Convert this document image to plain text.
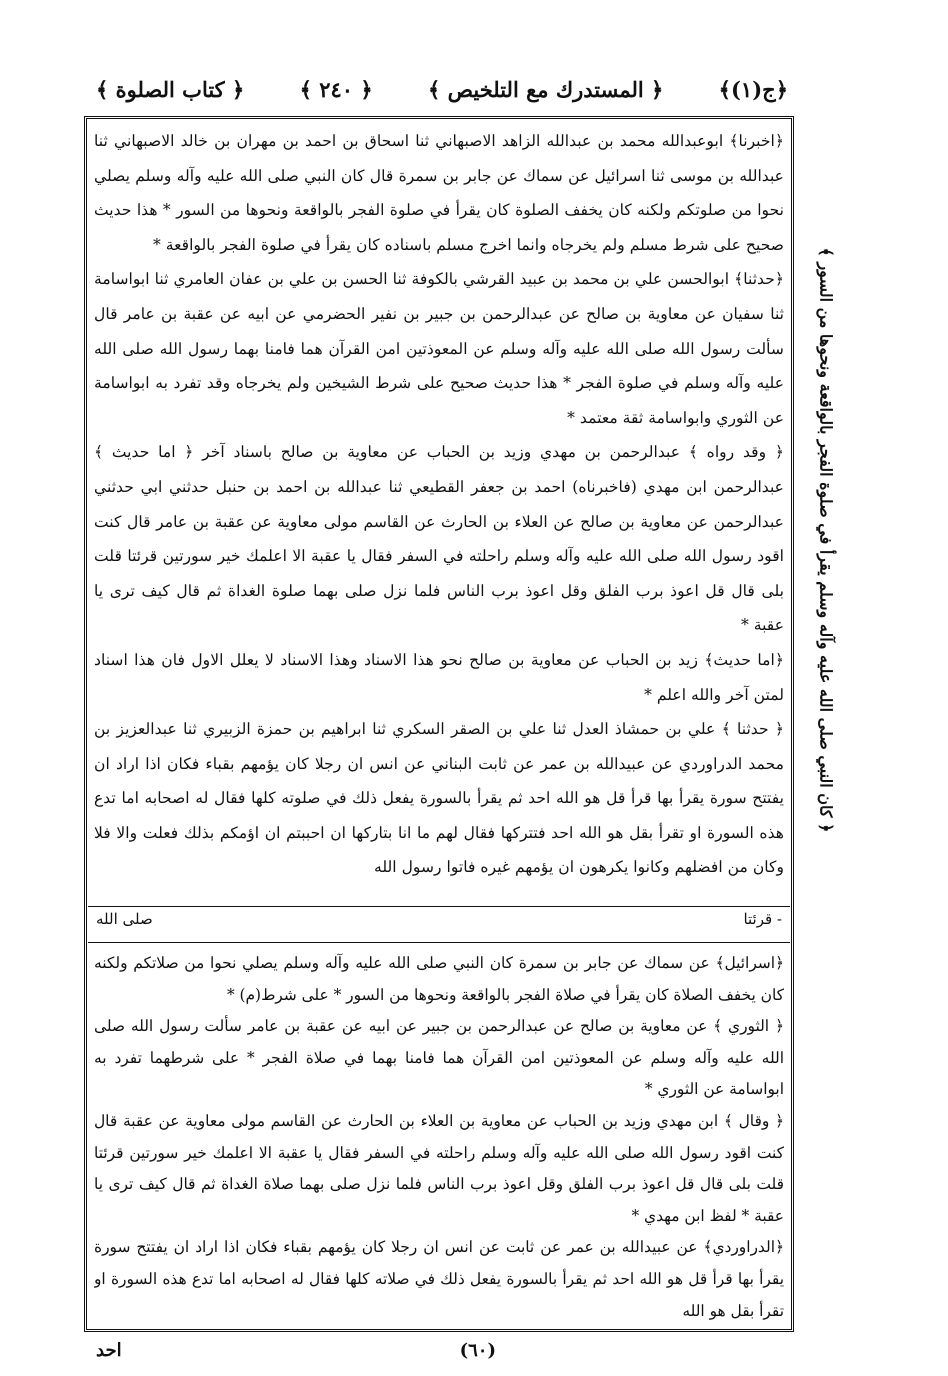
﴿ج(١)﴾
﴿ المستدرك مع التلخيص ﴾
﴿ ٢٤٠ ﴾
﴿ كتاب الصلوة ﴾

﴿اخبرنا﴾ ابوعبدالله محمد بن عبدالله الزاهد الاصبهاني ثنا اسحاق بن احمد بن مهران بن خالد الاصبهاني ثنا عبدالله بن موسى ثنا اسرائيل عن سماك عن جابر بن سمرة قال كان النبي صلى الله عليه وآله وسلم يصلي نحوا من صلوتكم ولكنه كان يخفف الصلوة كان يقرأ في صلوة الفجر بالواقعة ونحوها من السور * هذا حديث صحيح على شرط مسلم ولم يخرجاه وانما اخرج مسلم باسناده كان يقرأ في صلوة الفجر بالواقعة *

﴿حدثنا﴾ ابوالحسن علي بن محمد بن عبيد القرشي بالكوفة ثنا الحسن بن علي بن عفان العامري ثنا ابواسامة ثنا سفيان عن معاوية بن صالح عن عبدالرحمن بن جبير بن نفير الحضرمي عن ابيه عن عقبة بن عامر قال سألت رسول الله صلى الله عليه وآله وسلم عن المعوذتين امن القرآن هما فامنا بهما رسول الله صلى الله عليه وآله وسلم في صلوة الفجر * هذا حديث صحيح على شرط الشيخين ولم يخرجاه وقد تفرد به ابواسامة عن الثوري وابواسامة ثقة معتمد *

﴿ وقد رواه ﴾ عبدالرحمن بن مهدي وزيد بن الحباب عن معاوية بن صالح باسناد آخر ﴿ اما حديث ﴾ عبدالرحمن ابن مهدي (فاخبرناه) احمد بن جعفر القطيعي ثنا عبدالله بن احمد بن حنبل حدثني ابي حدثني عبدالرحمن عن معاوية بن صالح عن العلاء بن الحارث عن القاسم مولى معاوية عن عقبة بن عامر قال كنت اقود رسول الله صلى الله عليه وآله وسلم راحلته في السفر فقال يا عقبة الا اعلمك خير سورتين قرئتا قلت بلى قال قل اعوذ برب الفلق وقل اعوذ برب الناس فلما نزل صلى بهما صلوة الغداة ثم قال كيف ترى يا عقبة *

﴿اما حديث﴾ زيد بن الحباب عن معاوية بن صالح نحو هذا الاسناد وهذا الاسناد لا يعلل الاول فان هذا اسناد لمتن آخر والله اعلم *

﴿ حدثنا ﴾ علي بن حمشاذ العدل ثنا علي بن الصقر السكري ثنا ابراهيم بن حمزة الزبيري ثنا عبدالعزيز بن محمد الدراوردي عن عبيدالله بن عمر عن ثابت البناني عن انس ان رجلا كان يؤمهم بقباء فكان اذا اراد ان يفتتح سورة يقرأ بها قرأ قل هو الله احد ثم يقرأ بالسورة يفعل ذلك في صلوته كلها فقال له اصحابه اما تدع هذه السورة او تقرأ بقل هو الله احد فتتركها فقال لهم ما انا بتاركها ان احببتم ان اؤمكم بذلك فعلت والا فلا وكان من افضلهم وكانوا يكرهون ان يؤمهم غيره فاتوا رسول الله

- قرئتا
صلى الله

﴿اسرائيل﴾ عن سماك عن جابر بن سمرة كان النبي صلى الله عليه وآله وسلم يصلي نحوا من صلاتكم ولكنه كان يخفف الصلاة كان يقرأ في صلاة الفجر بالواقعة ونحوها من السور * على شرط(م) *

﴿ الثوري ﴾ عن معاوية بن صالح عن عبدالرحمن بن جبير عن ابيه عن عقبة بن عامر سألت رسول الله صلى الله عليه وآله وسلم عن المعوذتين امن القرآن هما فامنا بهما في صلاة الفجر * على شرطهما تفرد به ابواسامة عن الثوري *

﴿ وقال ﴾ ابن مهدي وزيد بن الحباب عن معاوية بن العلاء بن الحارث عن القاسم مولى معاوية عن عقبة قال كنت اقود رسول الله صلى الله عليه وآله وسلم راحلته في السفر فقال يا عقبة الا اعلمك خير سورتين قرئتا قلت بلى قال قل اعوذ برب الفلق وقل اعوذ برب الناس فلما نزل صلى بهما صلاة الغداة ثم قال كيف ترى يا عقبة * لفظ ابن مهدي *

﴿الدراوردي﴾ عن عبيدالله بن عمر عن ثابت عن انس ان رجلا كان يؤمهم بقباء فكان اذا اراد ان يفتتح سورة يقرأ بها قرأ قل هو الله احد ثم يقرأ بالسورة يفعل ذلك في صلاته كلها فقال له اصحابه اما تدع هذه السورة او تقرأ بقل هو الله

﴿ كان النبي صلى الله عليه وآله وسلم يقرأ في صلوة الفجر بالواقعة ونحوها من السور ﴾
(٦٠)
احد
